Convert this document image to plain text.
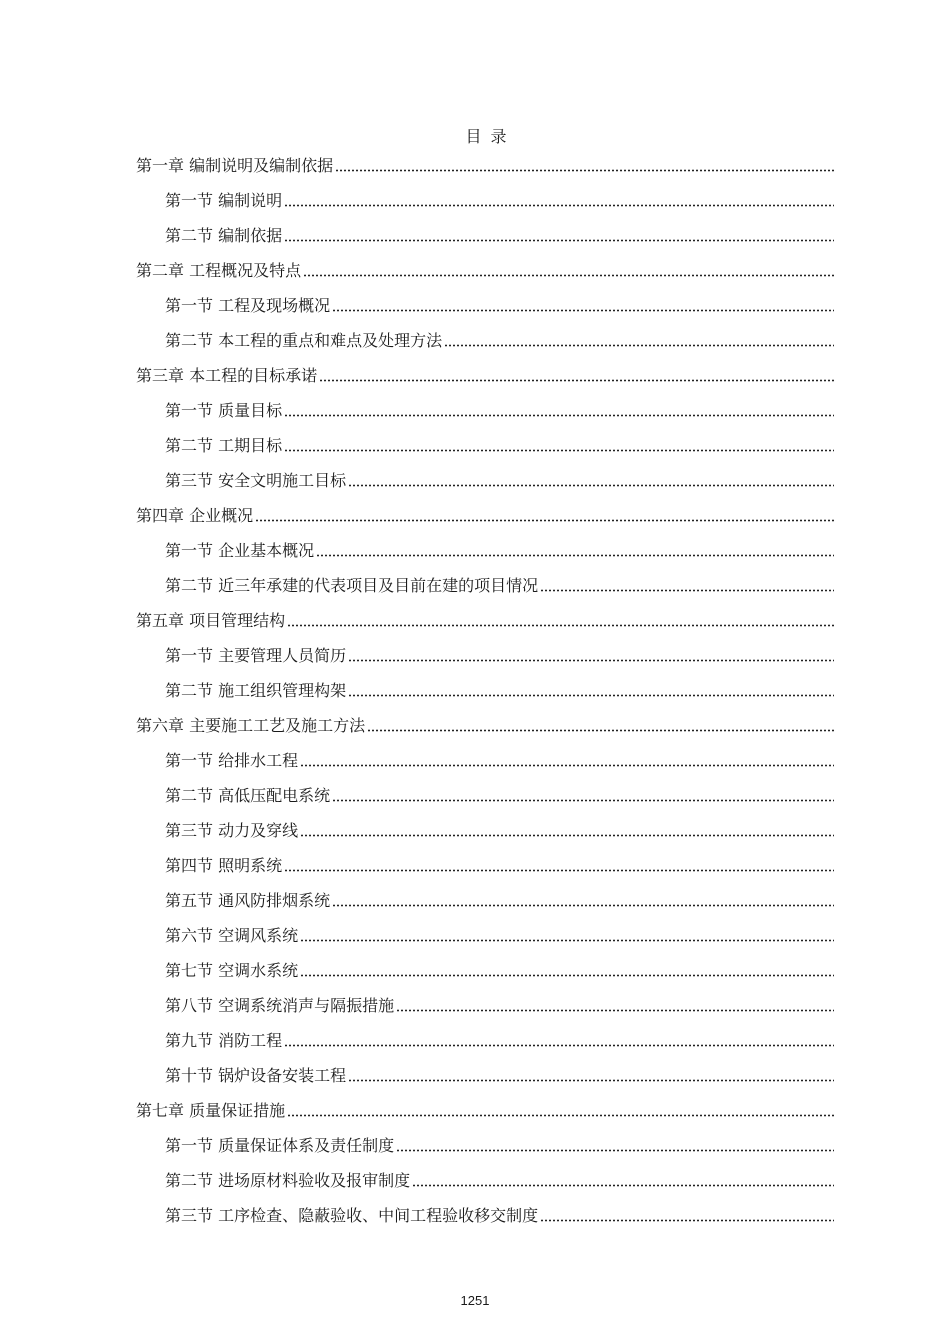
目 录
第一章 编制说明及编制依据
第一节 编制说明
第二节 编制依据
第二章 工程概况及特点
第一节 工程及现场概况
第二节 本工程的重点和难点及处理方法
第三章 本工程的目标承诺
第一节 质量目标
第二节 工期目标
第三节 安全文明施工目标
第四章 企业概况
第一节 企业基本概况
第二节 近三年承建的代表项目及目前在建的项目情况
第五章 项目管理结构
第一节 主要管理人员简历
第二节 施工组织管理构架
第六章 主要施工工艺及施工方法
第一节 给排水工程
第二节 高低压配电系统
第三节 动力及穿线
第四节 照明系统
第五节 通风防排烟系统
第六节 空调风系统
第七节 空调水系统
第八节 空调系统消声与隔振措施
第九节 消防工程
第十节 锅炉设备安装工程
第七章 质量保证措施
第一节 质量保证体系及责任制度
第二节 进场原材料验收及报审制度
第三节 工序检查、隐蔽验收、中间工程验收移交制度
1251
